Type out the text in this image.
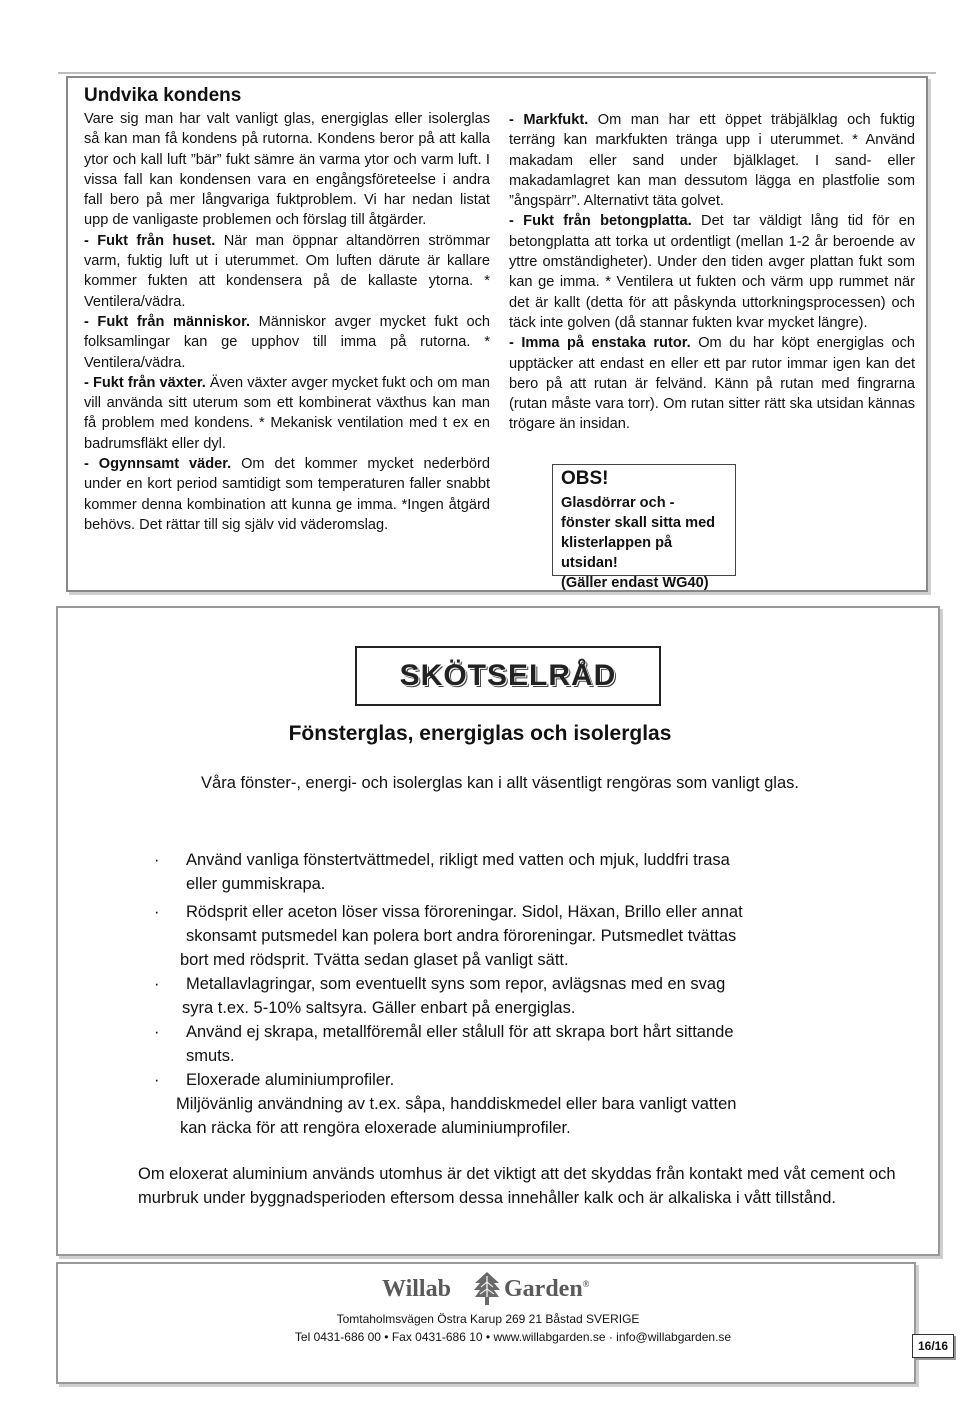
Undvika kondens

Vare sig man har valt vanligt glas, energiglas eller isolerglas så kan man få kondens på rutorna. Kondens beror på att kalla ytor och kall luft ”bär” fukt sämre än varma ytor och varm luft. I vissa fall kan kondensen vara en engångsföreteelse i andra fall bero på mer långvariga fuktproblem. Vi har nedan listat upp de vanligaste problemen och förslag till åtgärder.

- Fukt från huset. När man öppnar altandörren strömmar varm, fuktig luft ut i uterummet. Om luften därute är kallare kommer fukten att kondensera på de kallaste ytorna. * Ventilera/vädra.

- Fukt från människor. Människor avger mycket fukt och folksamlingar kan ge upphov till imma på rutorna. * Ventilera/vädra.

- Fukt från växter. Även växter avger mycket fukt och om man vill använda sitt uterum som ett kombinerat växthus kan man få problem med kondens. * Mekanisk ventilation med t ex en badrumsfläkt eller dyl.

- Ogynnsamt väder. Om det kommer mycket nederbörd under en kort period samtidigt som temperaturen faller snabbt kommer denna kombination att kunna ge imma. *Ingen åtgärd behövs. Det rättar till sig själv vid väderomslag.

- Markfukt. Om man har ett öppet träbjälklag och fuktig terräng kan markfukten tränga upp i uterummet. * Använd makadam eller sand under bjälklaget. I sand- eller makadamlagret kan man dessutom lägga en plastfolie som ”ångspärr”. Alternativt täta golvet.

- Fukt från betongplatta. Det tar väldigt lång tid för en betongplatta att torka ut ordentligt (mellan 1-2 år beroende av yttre omständigheter). Under den tiden avger plattan fukt som kan ge imma. * Ventilera ut fukten och värm upp rummet när det är kallt (detta för att påskynda uttorkningsprocessen) och täck inte golven (då stannar fukten kvar mycket längre).

- Imma på enstaka rutor. Om du har köpt energiglas och upptäcker att endast en eller ett par rutor immar igen kan det bero på att rutan är felvänd. Känn på rutan med fingrarna (rutan måste vara torr). Om rutan sitter rätt ska utsidan kännas trögare än insidan.

OBS!
Glasdörrar och - fönster skall sitta med klisterlappen på utsidan!
(Gäller endast WG40)
SKÖTSELRÅD
Fönsterglas, energiglas och isolerglas
Våra fönster-, energi- och isolerglas kan i allt väsentligt rengöras som vanligt glas.
· Använd vanliga fönstertvättmedel, rikligt med vatten och mjuk, luddfri trasa
eller gummiskrapa.
· Rödsprit eller aceton löser vissa föroreningar. Sidol, Häxan, Brillo eller annat
skonsamt putsmedel kan polera bort andra föroreningar. Putsmedlet tvättas
bort med rödsprit. Tvätta sedan glaset på vanligt sätt.
· Metallavlagringar, som eventuellt syns som repor, avlägsnas med en svag
syra t.ex. 5-10% saltsyra. Gäller enbart på energiglas.
· Använd ej skrapa, metallföremål eller stålull för att skrapa bort hårt sittande
smuts.
· Eloxerade aluminiumprofiler.
Miljövänlig användning av t.ex. såpa, handdiskmedel eller bara vanligt vatten
kan räcka för att rengöra eloxerade aluminiumprofiler.
Om eloxerat aluminium används utomhus är det viktigt att det skyddas från kontakt med våt cement och murbruk under byggnadsperioden eftersom dessa innehåller kalk och är alkaliska i vått tillstånd.
Willab Garden®
Tomtaholmsvägen Östra Karup 269 21 Båstad SVERIGE
Tel 0431-686 00 • Fax 0431-686 10 • www.willabgarden.se · info@willabgarden.se
16/16
